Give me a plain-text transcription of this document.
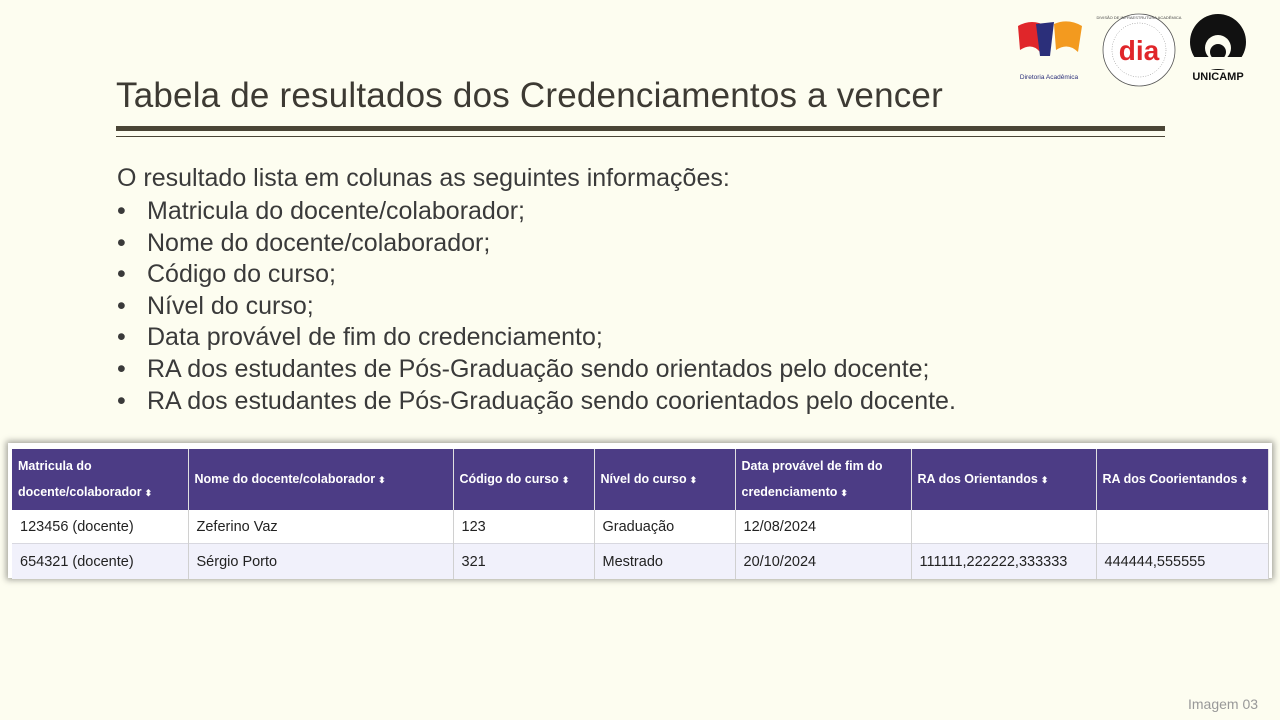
Tabela de resultados dos Credenciamentos a vencer
O resultado lista em colunas as seguintes informações:
• Matricula do docente/colaborador;
• Nome do docente/colaborador;
• Código do curso;
• Nível do curso;
• Data provável de fim do credenciamento;
• RA dos estudantes de Pós-Graduação sendo orientados pelo docente;
• RA dos estudantes de Pós-Graduação sendo coorientados pelo docente.
Matricula do docente/colaborador ⬍	Nome do docente/colaborador ⬍	Código do curso ⬍	Nível do curso ⬍	Data provável de fim do credenciamento ⬍	RA dos Orientandos ⬍	RA dos Coorientandos ⬍
123456 (docente)	Zeferino Vaz	123	Graduação	12/08/2024		
654321 (docente)	Sérgio Porto	321	Mestrado	20/10/2024	111111,222222,333333	444444,555555
Diretoria Acadêmica
dia
DIVISÃO DE INFRAESTRUTURA ACADÊMICA
UNICAMP
Imagem 03
